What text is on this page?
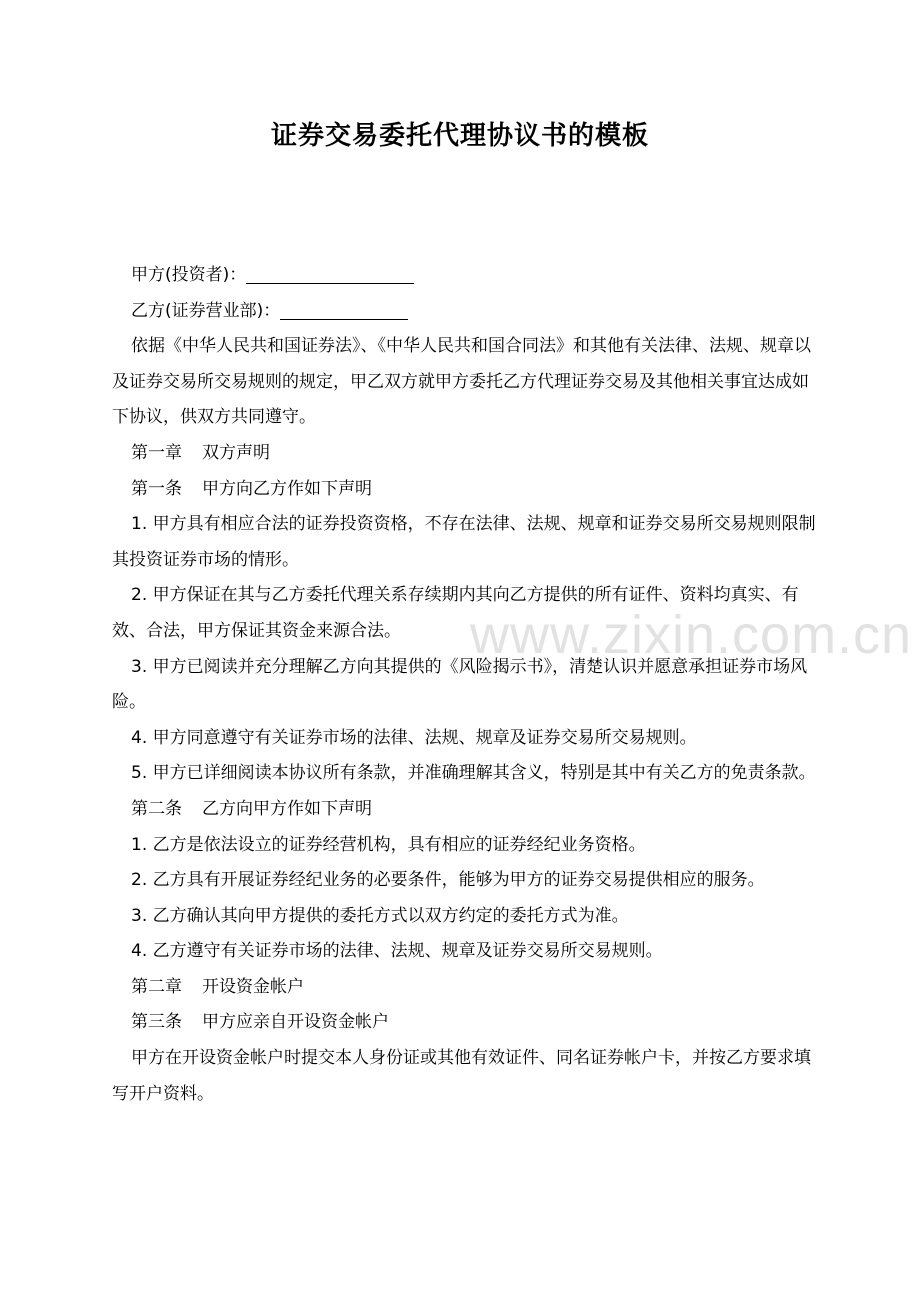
证券交易委托代理协议书的模板

甲方(投资者)：

乙方(证券营业部)：

依据《中华人民共和国证券法》、《中华人民共和国合同法》和其他有关法律、法规、规章以及证券交易所交易规则的规定，甲乙双方就甲方委托乙方代理证券交易及其他相关事宜达成如下协议，供双方共同遵守。

第一章 双方声明

第一条 甲方向乙方作如下声明

1. 甲方具有相应合法的证券投资资格，不存在法律、法规、规章和证券交易所交易规则限制其投资证券市场的情形。

2. 甲方保证在其与乙方委托代理关系存续期内其向乙方提供的所有证件、资料均真实、有效、合法，甲方保证其资金来源合法。

3. 甲方已阅读并充分理解乙方向其提供的《风险揭示书》，清楚认识并愿意承担证券市场风险。

4. 甲方同意遵守有关证券市场的法律、法规、规章及证券交易所交易规则。

5. 甲方已详细阅读本协议所有条款，并准确理解其含义，特别是其中有关乙方的免责条款。

第二条 乙方向甲方作如下声明

1. 乙方是依法设立的证券经营机构，具有相应的证券经纪业务资格。

2. 乙方具有开展证券经纪业务的必要条件，能够为甲方的证券交易提供相应的服务。

3. 乙方确认其向甲方提供的委托方式以双方约定的委托方式为准。

4. 乙方遵守有关证券市场的法律、法规、规章及证券交易所交易规则。

第二章 开设资金帐户

第三条 甲方应亲自开设资金帐户

甲方在开设资金帐户时提交本人身份证或其他有效证件、同名证券帐户卡，并按乙方要求填写开户资料。

www.zixin.com.cn
